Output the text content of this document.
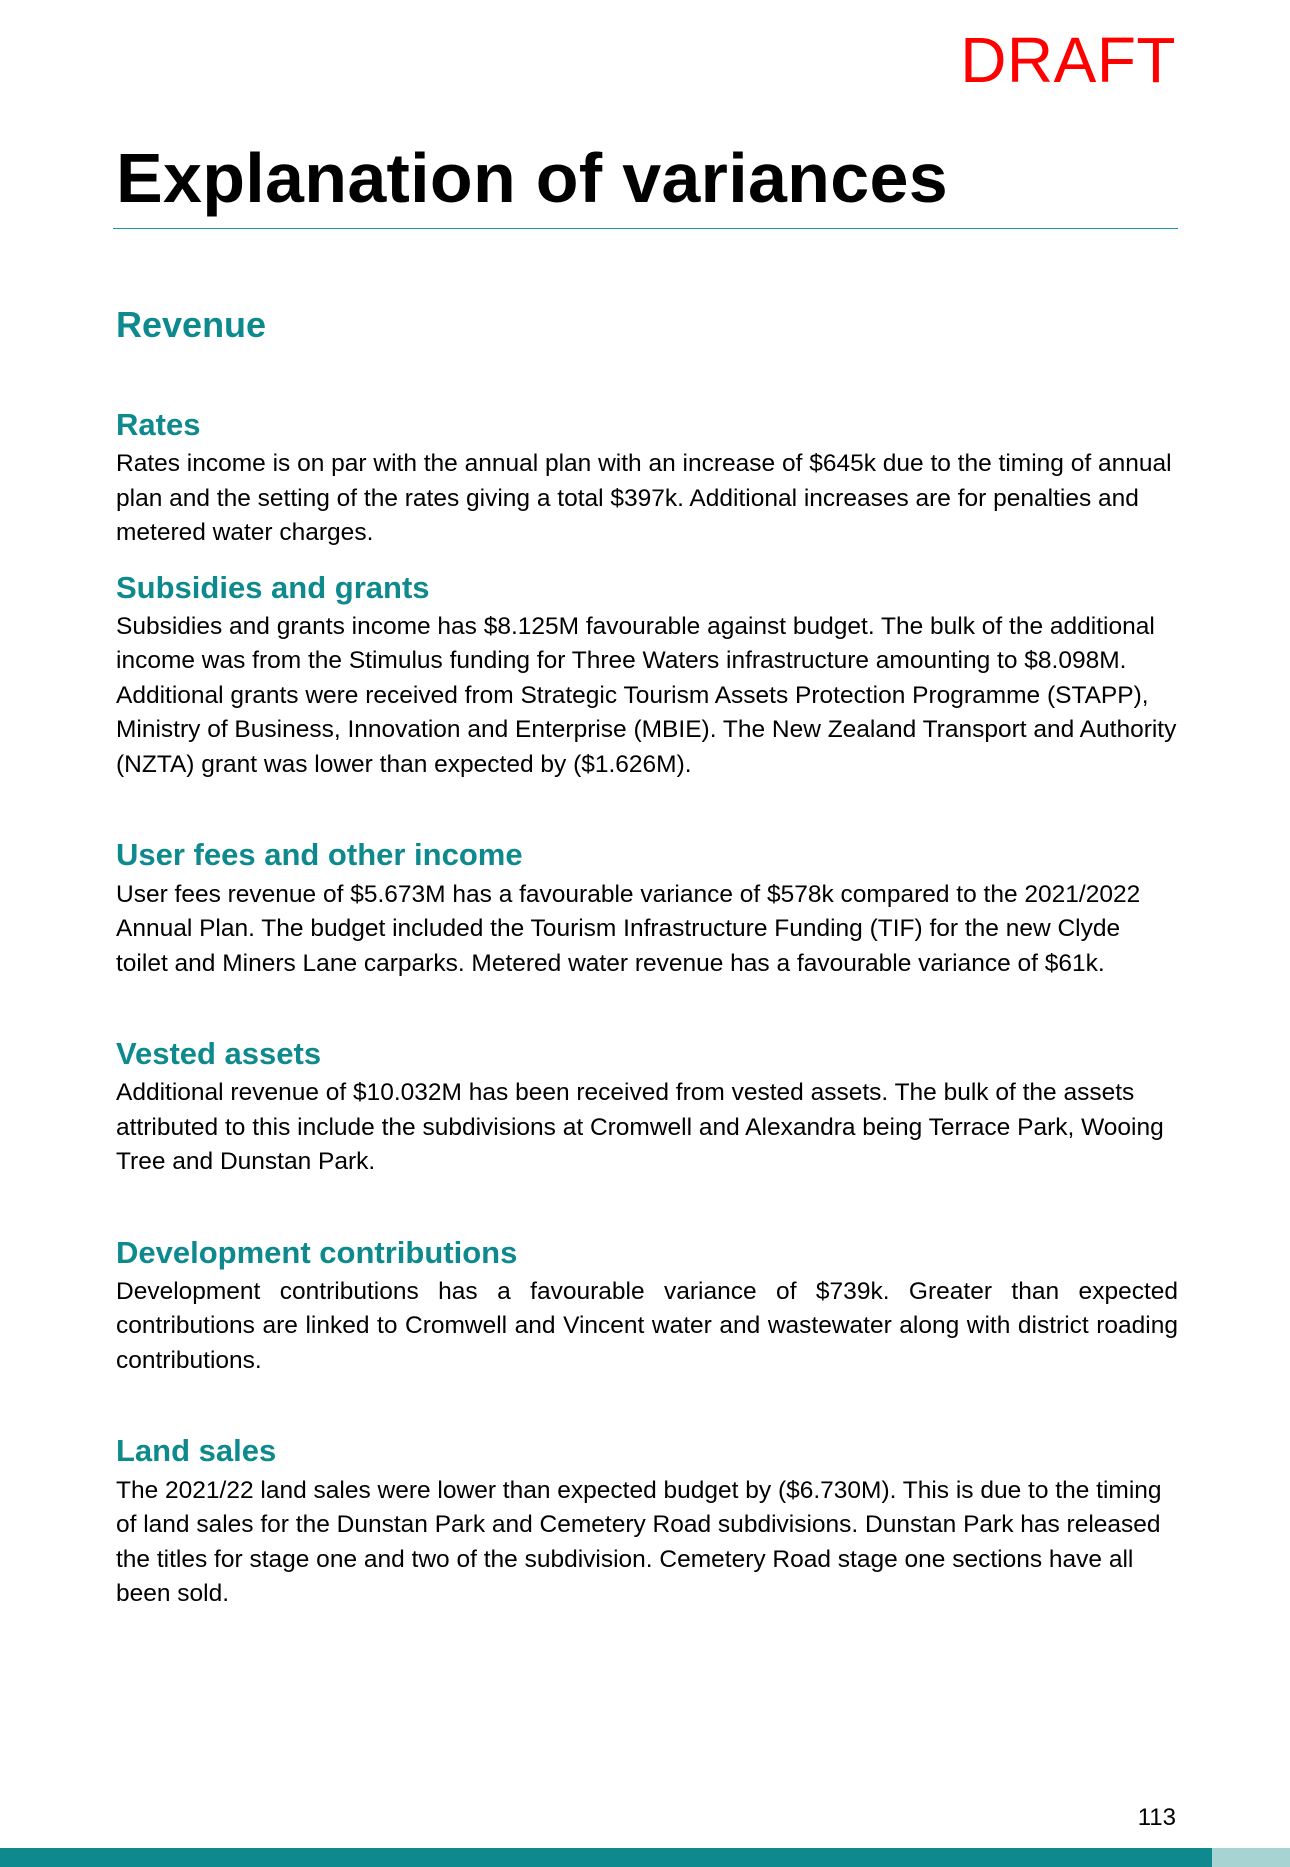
DRAFT
Explanation of variances
Revenue
Rates

Rates income is on par with the annual plan with an increase of $645k due to the timing of annual plan and the setting of the rates giving a total $397k. Additional increases are for penalties and metered water charges.

Subsidies and grants

Subsidies and grants income has $8.125M favourable against budget. The bulk of the additional income was from the Stimulus funding for Three Waters infrastructure amounting to $8.098M. Additional grants were received from Strategic Tourism Assets Protection Programme (STAPP), Ministry of Business, Innovation and Enterprise (MBIE). The New Zealand Transport and Authority (NZTA) grant was lower than expected by ($1.626M).

User fees and other income

User fees revenue of $5.673M has a favourable variance of $578k compared to the 2021/2022 Annual Plan. The budget included the Tourism Infrastructure Funding (TIF) for the new Clyde toilet and Miners Lane carparks. Metered water revenue has a favourable variance of $61k.

Vested assets

Additional revenue of $10.032M has been received from vested assets. The bulk of the assets attributed to this include the subdivisions at Cromwell and Alexandra being Terrace Park, Wooing Tree and Dunstan Park.

Development contributions

Development contributions has a favourable variance of $739k. Greater than expected contributions are linked to Cromwell and Vincent water and wastewater along with district roading contributions.

Land sales

The 2021/22 land sales were lower than expected budget by ($6.730M). This is due to the timing of land sales for the Dunstan Park and Cemetery Road subdivisions. Dunstan Park has released the titles for stage one and two of the subdivision. Cemetery Road stage one sections have all been sold.

113
